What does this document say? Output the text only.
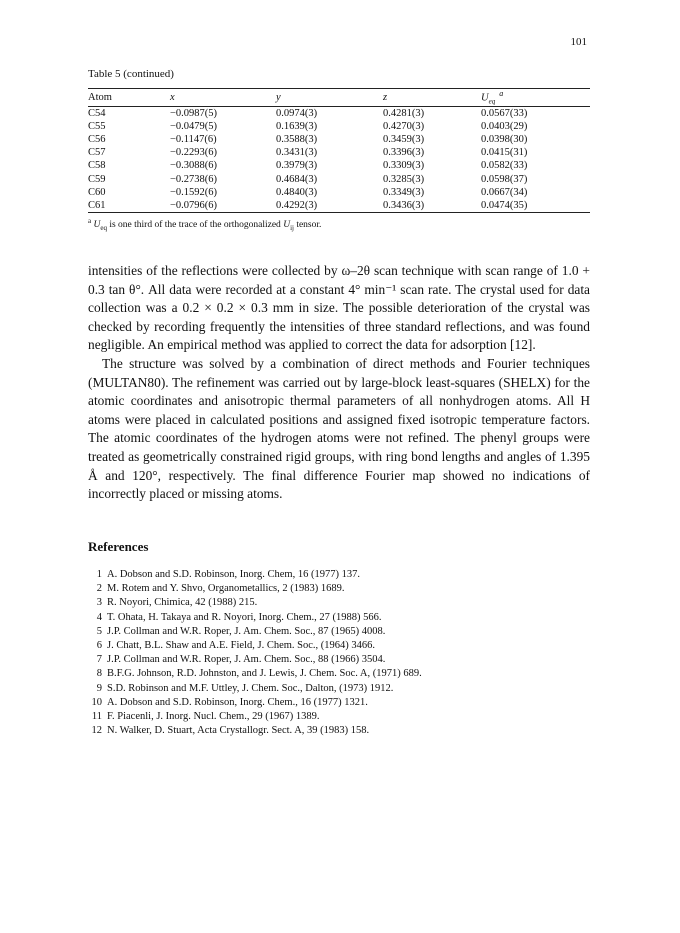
101
Table 5 (continued)
Atom	x	y	z	$U_{eq}^a$
C54	−0.0987(5)	0.0974(3)	0.4281(3)	0.0567(33)
C55	−0.0479(5)	0.1639(3)	0.4270(3)	0.0403(29)
C56	−0.1147(6)	0.3588(3)	0.3459(3)	0.0398(30)
C57	−0.2293(6)	0.3431(3)	0.3396(3)	0.0415(31)
C58	−0.3088(6)	0.3979(3)	0.3309(3)	0.0582(33)
C59	−0.2738(6)	0.4684(3)	0.3285(3)	0.0598(37)
C60	−0.1592(6)	0.4840(3)	0.3349(3)	0.0667(34)
C61	−0.0796(6)	0.4292(3)	0.3436(3)	0.0474(35)
$^a$ $U_{eq}$ is one third of the trace of the orthogonalized $U_{ij}$ tensor.

intensities of the reflections were collected by ω–2θ scan technique with scan range of 1.0 + 0.3 tan θ°. All data were recorded at a constant 4° min⁻¹ scan rate. The crystal used for data collection was a 0.2 × 0.2 × 0.3 mm in size. The possible deterioration of the crystal was checked by recording frequently the intensities of three standard reflections, and was found negligible. An empirical method was applied to correct the data for adsorption [12].

The structure was solved by a combination of direct methods and Fourier techniques (MULTAN80). The refinement was carried out by large-block least-squares (SHELX) for the atomic coordinates and anisotropic thermal parameters of all nonhydrogen atoms. All H atoms were placed in calculated positions and assigned fixed isotropic temperature factors. The atomic coordinates of the hydrogen atoms were not refined. The phenyl groups were treated as geometrically constrained rigid groups, with ring bond lengths and angles of 1.395 Å and 120°, respectively. The final difference Fourier map showed no indications of incorrectly placed or missing atoms.

References
1 A. Dobson and S.D. Robinson, Inorg. Chem, 16 (1977) 137.
2 M. Rotem and Y. Shvo, Organometallics, 2 (1983) 1689.
3 R. Noyori, Chimica, 42 (1988) 215.
4 T. Ohata, H. Takaya and R. Noyori, Inorg. Chem., 27 (1988) 566.
5 J.P. Collman and W.R. Roper, J. Am. Chem. Soc., 87 (1965) 4008.
6 J. Chatt, B.L. Shaw and A.E. Field, J. Chem. Soc., (1964) 3466.
7 J.P. Collman and W.R. Roper, J. Am. Chem. Soc., 88 (1966) 3504.
8 B.F.G. Johnson, R.D. Johnston, and J. Lewis, J. Chem. Soc. A, (1971) 689.
9 S.D. Robinson and M.F. Uttley, J. Chem. Soc., Dalton, (1973) 1912.
10 A. Dobson and S.D. Robinson, Inorg. Chem., 16 (1977) 1321.
11 F. Piacenli, J. Inorg. Nucl. Chem., 29 (1967) 1389.
12 N. Walker, D. Stuart, Acta Crystallogr. Sect. A, 39 (1983) 158.
